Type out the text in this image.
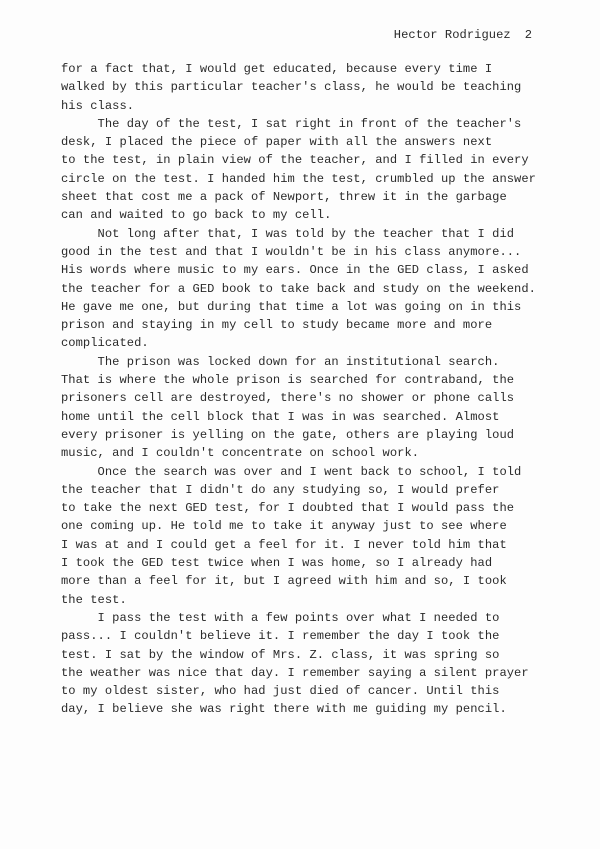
Hector Rodriguez 2
for a fact that, I would get educated, because every time I
walked by this particular teacher's class, he would be teaching
his class.
The day of the test, I sat right in front of the teacher's
desk, I placed the piece of paper with all the answers next
to the test, in plain view of the teacher, and I filled in every
circle on the test. I handed him the test, crumbled up the answer
sheet that cost me a pack of Newport, threw it in the garbage
can and waited to go back to my cell.
Not long after that, I was told by the teacher that I did
good in the test and that I wouldn't be in his class anymore...
His words where music to my ears. Once in the GED class, I asked
the teacher for a GED book to take back and study on the weekend.
He gave me one, but during that time a lot was going on in this
prison and staying in my cell to study became more and more
complicated.
The prison was locked down for an institutional search.
That is where the whole prison is searched for contraband, the
prisoners cell are destroyed, there's no shower or phone calls
home until the cell block that I was in was searched. Almost
every prisoner is yelling on the gate, others are playing loud
music, and I couldn't concentrate on school work.
Once the search was over and I went back to school, I told
the teacher that I didn't do any studying so, I would prefer
to take the next GED test, for I doubted that I would pass the
one coming up. He told me to take it anyway just to see where
I was at and I could get a feel for it. I never told him that
I took the GED test twice when I was home, so I already had
more than a feel for it, but I agreed with him and so, I took
the test.
I pass the test with a few points over what I needed to
pass... I couldn't believe it. I remember the day I took the
test. I sat by the window of Mrs. Z. class, it was spring so
the weather was nice that day. I remember saying a silent prayer
to my oldest sister, who had just died of cancer. Until this
day, I believe she was right there with me guiding my pencil.
